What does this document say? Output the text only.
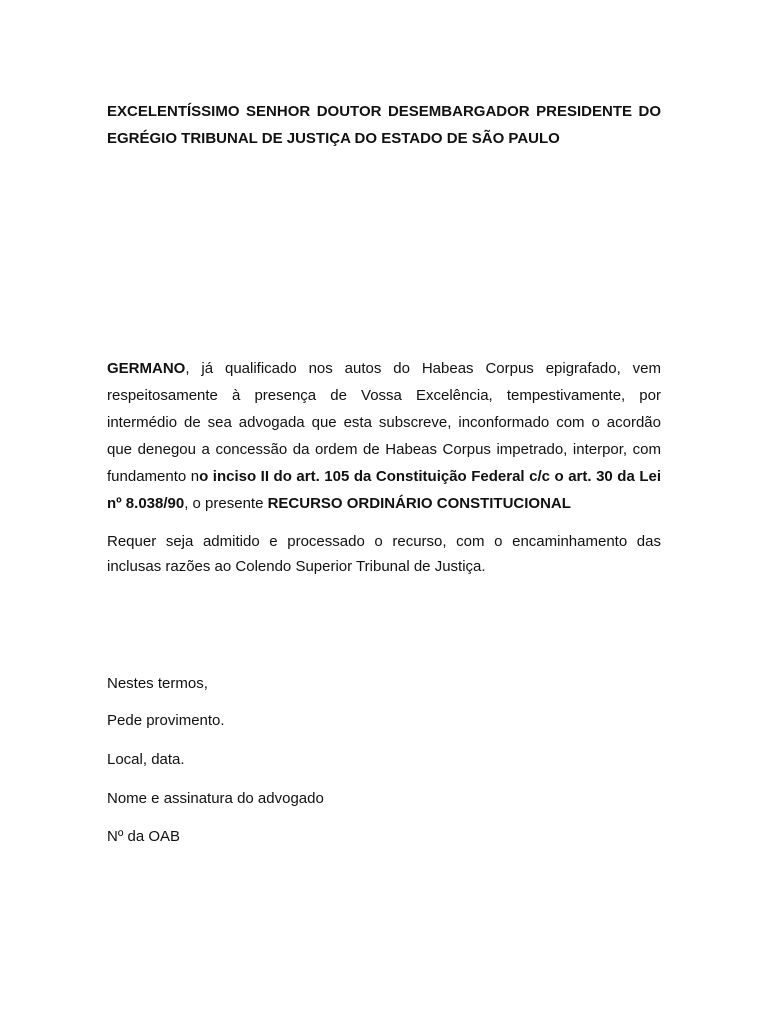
EXCELENTÍSSIMO SENHOR DOUTOR DESEMBARGADOR PRESIDENTE DO
EGRÉGIO TRIBUNAL DE JUSTIÇA DO ESTADO DE SÃO PAULO

GERMANO, já qualificado nos autos do Habeas Corpus epigrafado, vem respeitosamente à presença de Vossa Excelência, tempestivamente, por intermédio de sea advogada que esta subscreve, inconformado com o acordão que denegou a concessão da ordem de Habeas Corpus impetrado, interpor, com fundamento no inciso II do art. 105 da Constituição Federal c/c o art. 30 da Lei nº 8.038/90, o presente RECURSO ORDINÁRIO CONSTITUCIONAL

Requer seja admitido e processado o recurso, com o encaminhamento das inclusas razões ao Colendo Superior Tribunal de Justiça.

Nestes termos,

Pede provimento.

Local, data.

Nome e assinatura do advogado

Nº da OAB
